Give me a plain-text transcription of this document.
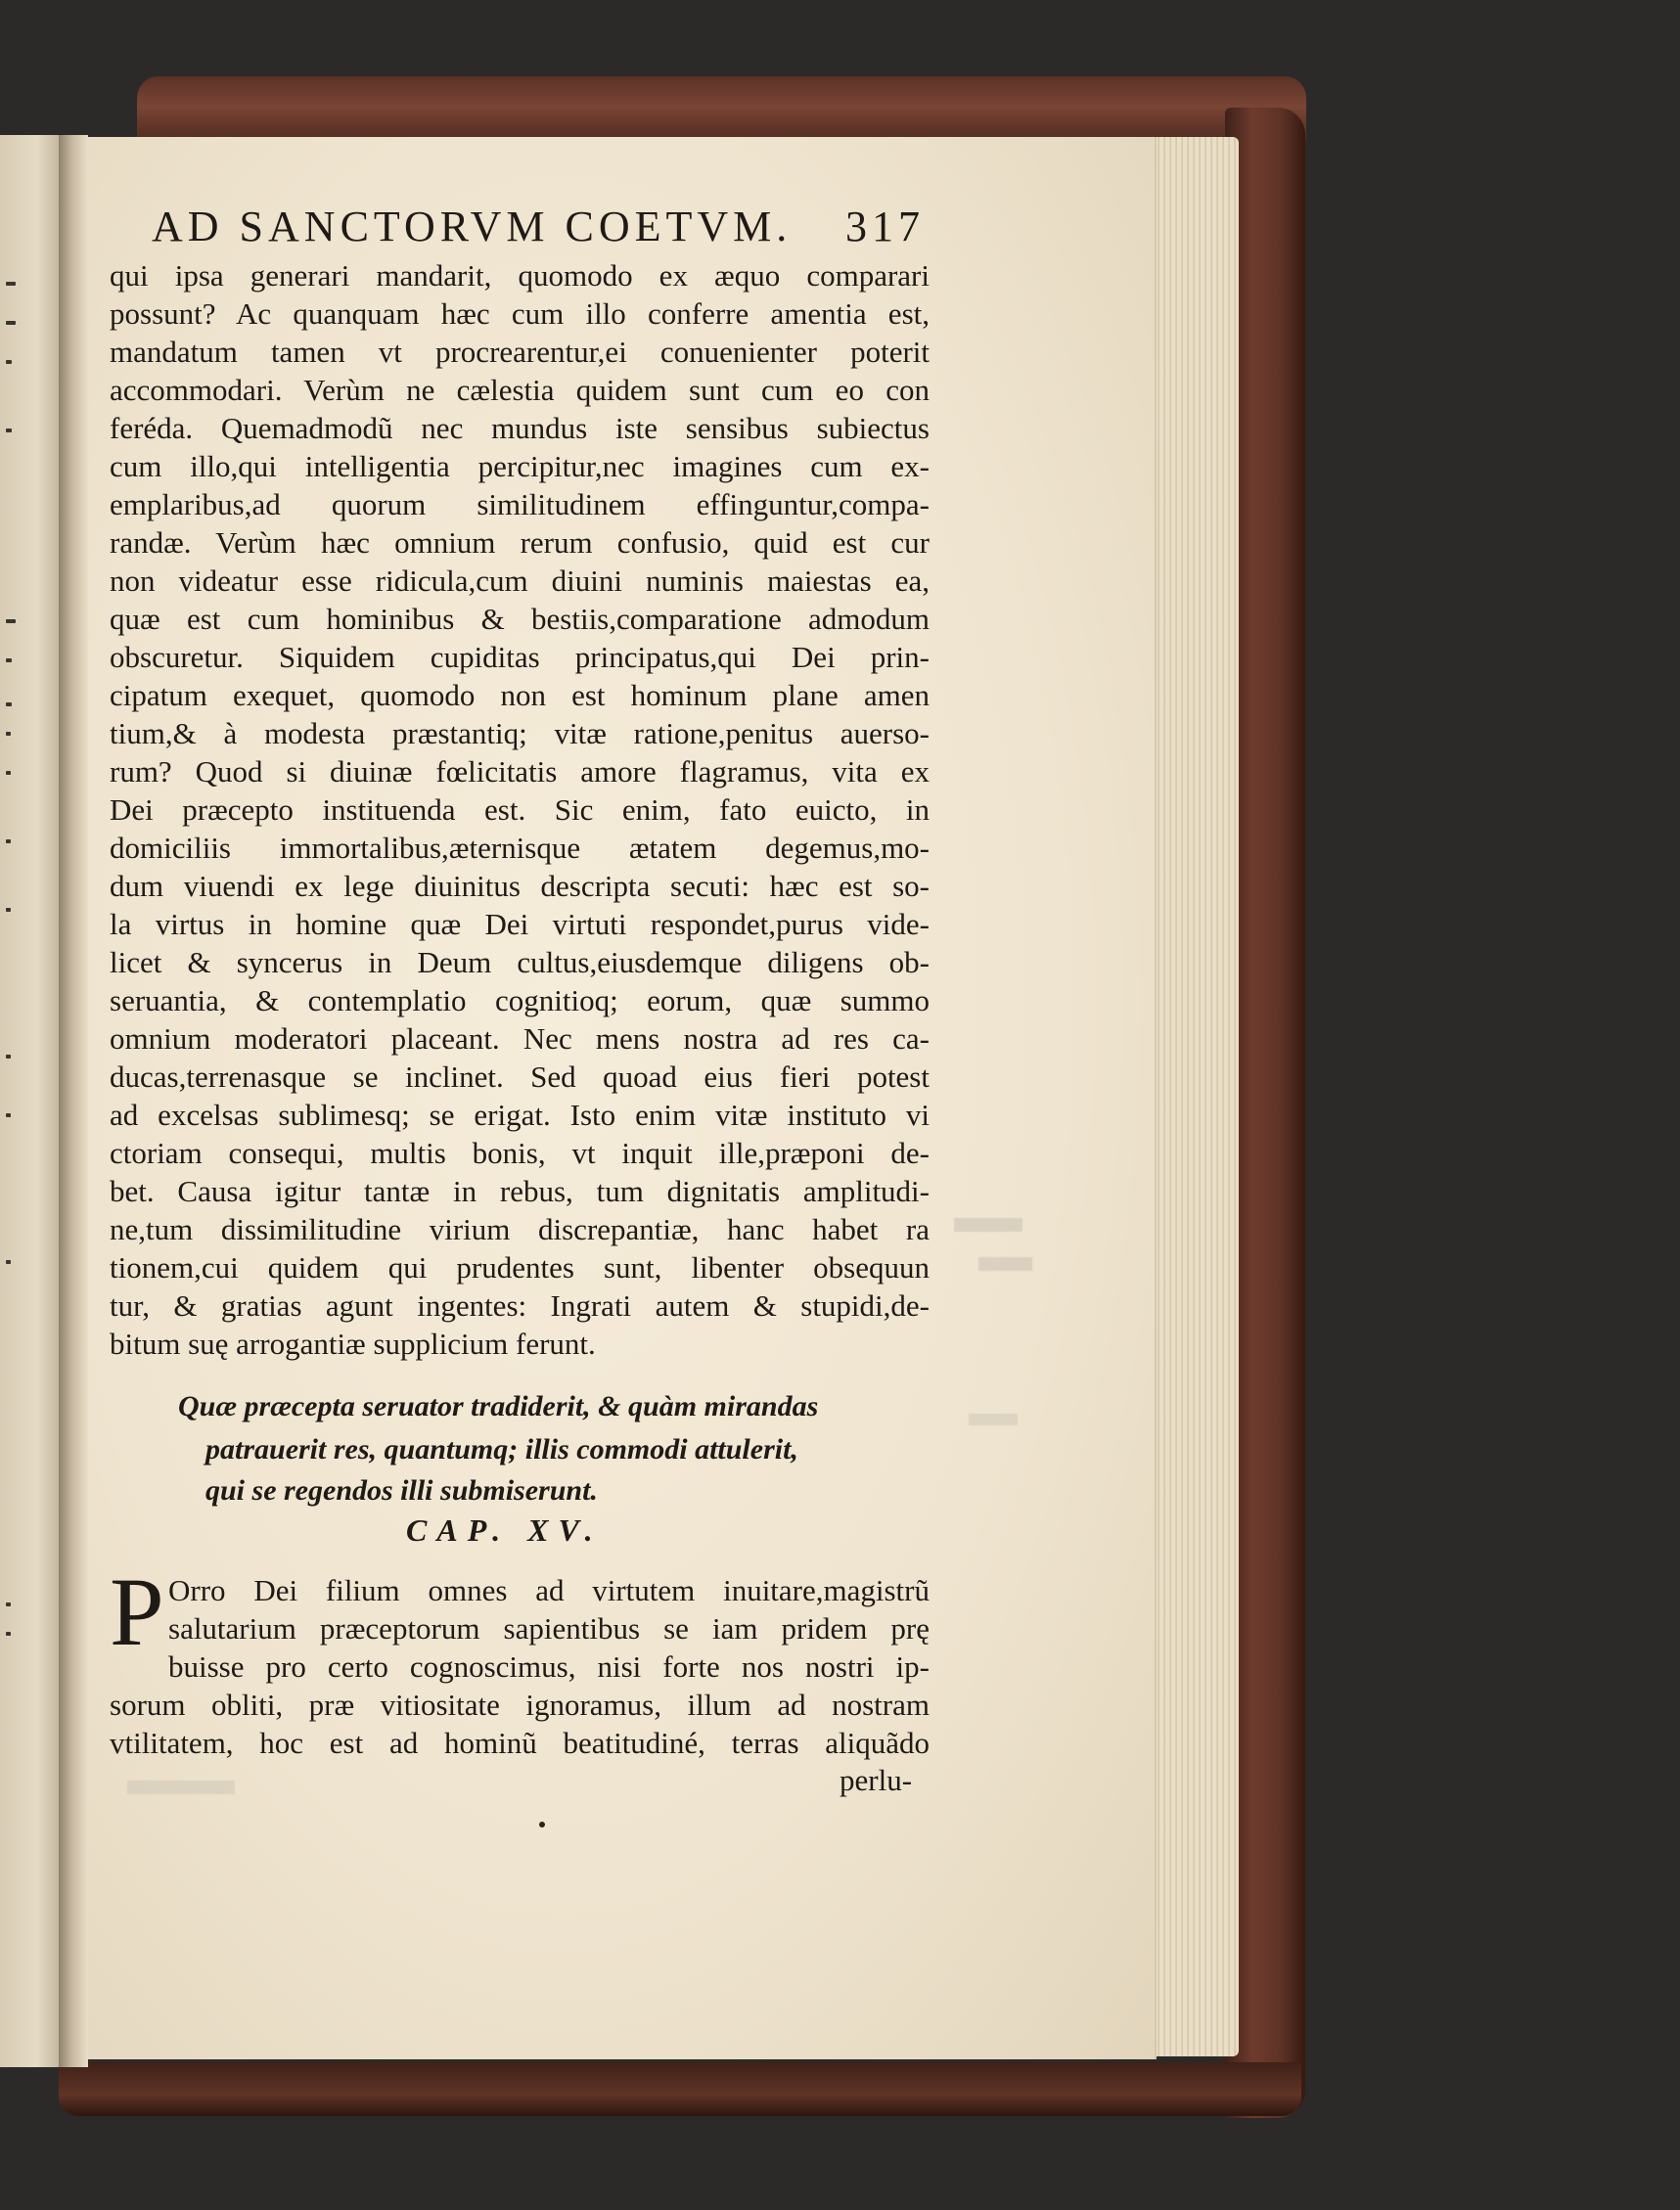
AD SANCTORVM COETVM. 317
qui ipsa generari mandarit, quomodo ex æquo comparari
possunt? Ac quanquam hæc cum illo conferre amentia est,
mandatum tamen vt procrearentur,ei conuenienter poterit
accommodari. Verùm ne cælestia quidem sunt cum eo con
feréda. Quemadmodũ nec mundus iste sensibus subiectus
cum illo,qui intelligentia percipitur,nec imagines cum ex-
emplaribus,ad quorum similitudinem effinguntur,compa-
randæ. Verùm hæc omnium rerum confusio, quid est cur
non videatur esse ridicula,cum diuini numinis maiestas ea,
quæ est cum hominibus & bestiis,comparatione admodum
obscuretur. Siquidem cupiditas principatus,qui Dei prin-
cipatum exequet, quomodo non est hominum plane amen
tium,& à modesta præstantiq; vitæ ratione,penitus auerso-
rum? Quod si diuinæ fœlicitatis amore flagramus, vita ex
Dei præcepto instituenda est. Sic enim, fato euicto, in
domiciliis immortalibus,æternisque ætatem degemus,mo-
dum viuendi ex lege diuinitus descripta secuti: hæc est so-
la virtus in homine quæ Dei virtuti respondet,purus vide-
licet & syncerus in Deum cultus,eiusdemque diligens ob-
seruantia, & contemplatio cognitioq; eorum, quæ summo
omnium moderatori placeant. Nec mens nostra ad res ca-
ducas,terrenasque se inclinet. Sed quoad eius fieri potest
ad excelsas sublimesq; se erigat. Isto enim vitæ instituto vi
ctoriam consequi, multis bonis, vt inquit ille,præponi de-
bet. Causa igitur tantæ in rebus, tum dignitatis amplitudi-
ne,tum dissimilitudine virium discrepantiæ, hanc habet ra
tionem,cui quidem qui prudentes sunt, libenter obsequun
tur, & gratias agunt ingentes: Ingrati autem & stupidi,de-
bitum suę arrogantiæ supplicium ferunt.
Quæ præcepta seruator tradiderit, & quàm mirandas
patrauerit res, quantumq; illis commodi attulerit,
qui se regendos illi submiserunt.
CAP. XV.
P Orro Dei filium omnes ad virtutem inuitare,magistrũ
salutarium præceptorum sapientibus se iam pridem prę
buisse pro certo cognoscimus, nisi forte nos nostri ip-
sorum obliti, præ vitiositate ignoramus, illum ad nostram
vtilitatem, hoc est ad hominũ beatitudiné, terras aliquãdo
perlu-
